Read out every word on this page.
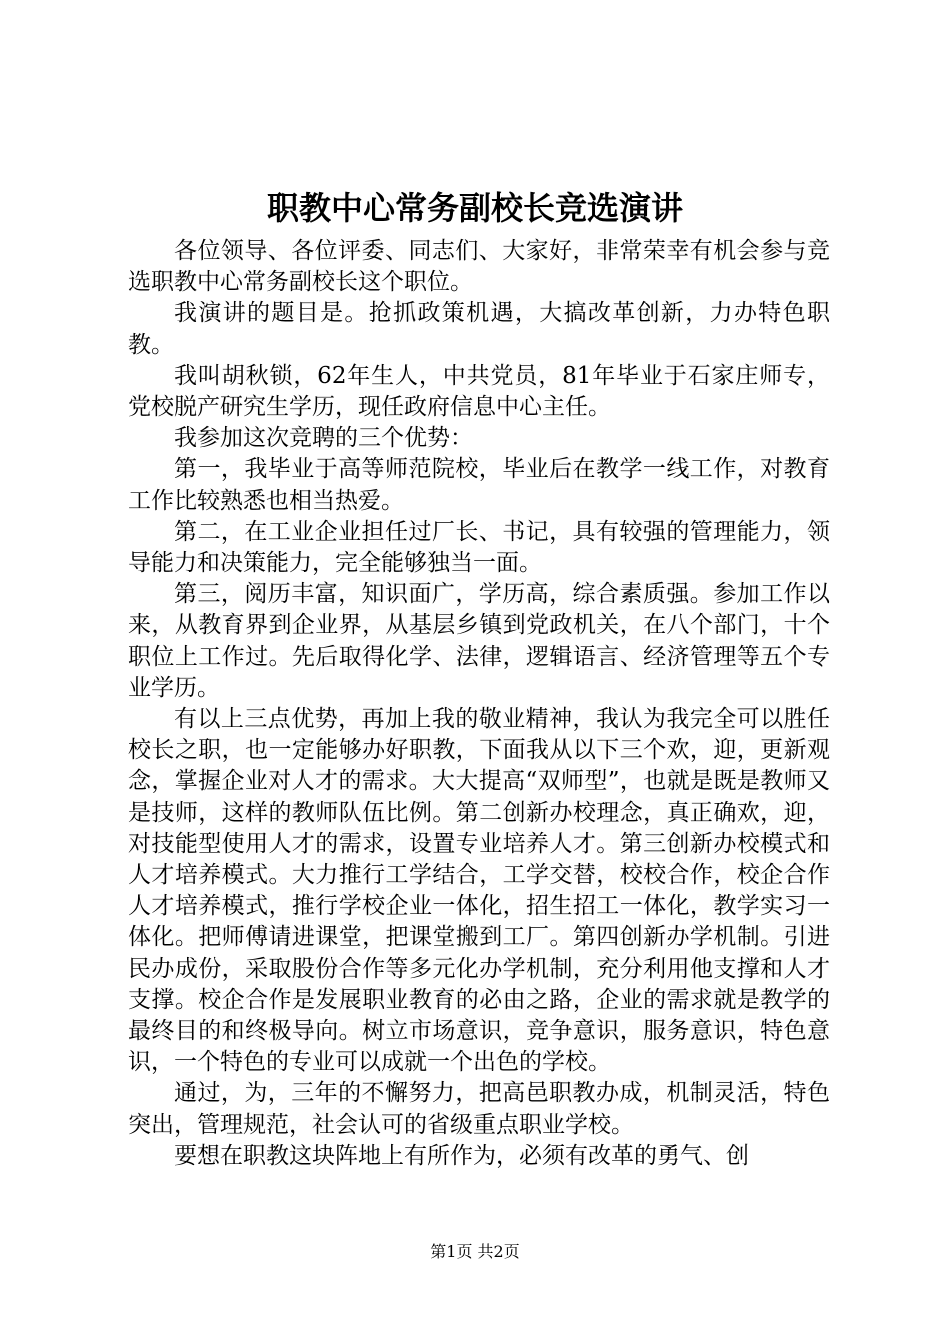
职教中心常务副校长竞选演讲

各位领导、各位评委、同志们、大家好，非常荣幸有机会参与竞选职教中心常务副校长这个职位。

我演讲的题目是。抢抓政策机遇，大搞改革创新，力办特色职教。

我叫胡秋锁，62年生人，中共党员，81年毕业于石家庄师专，党校脱产研究生学历，现任政府信息中心主任。

我参加这次竞聘的三个优势：

第一，我毕业于高等师范院校，毕业后在教学一线工作，对教育工作比较熟悉也相当热爱。

第二，在工业企业担任过厂长、书记，具有较强的管理能力，领导能力和决策能力，完全能够独当一面。

第三，阅历丰富，知识面广，学历高，综合素质强。参加工作以来，从教育界到企业界，从基层乡镇到党政机关，在八个部门，十个职位上工作过。先后取得化学、法律，逻辑语言、经济管理等五个专业学历。

有以上三点优势，再加上我的敬业精神，我认为我完全可以胜任校长之职，也一定能够办好职教，下面我从以下三个欢，迎，更新观念，掌握企业对人才的需求。大大提高“双师型”，也就是既是教师又是技师，这样的教师队伍比例。第二创新办校理念，真正确欢，迎，对技能型使用人才的需求，设置专业培养人才。第三创新办校模式和人才培养模式。大力推行工学结合，工学交替，校校合作，校企合作人才培养模式，推行学校企业一体化，招生招工一体化，教学实习一体化。把师傅请进课堂，把课堂搬到工厂。第四创新办学机制。引进民办成份，采取股份合作等多元化办学机制，充分利用他支撑和人才支撑。校企合作是发展职业教育的必由之路，企业的需求就是教学的最终目的和终极导向。树立市场意识，竞争意识，服务意识，特色意识，一个特色的专业可以成就一个出色的学校。

通过，为，三年的不懈努力，把高邑职教办成，机制灵活，特色突出，管理规范，社会认可的省级重点职业学校。

要想在职教这块阵地上有所作为，必须有改革的勇气、创

第1页 共2页
